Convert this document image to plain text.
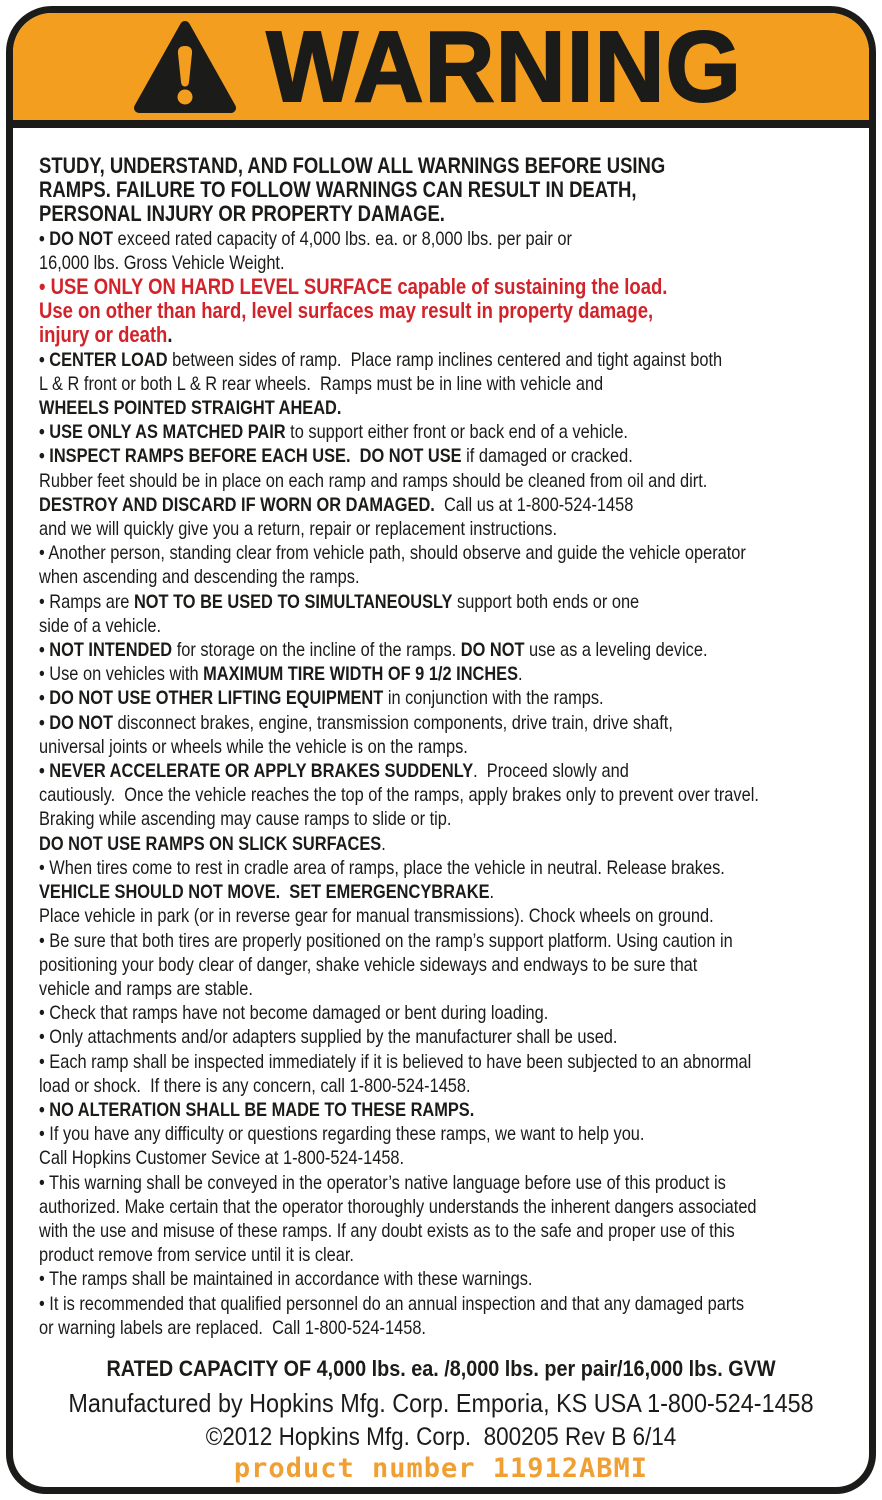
WARNING
STUDY, UNDERSTAND, AND FOLLOW ALL WARNINGS BEFORE USING
RAMPS. FAILURE TO FOLLOW WARNINGS CAN RESULT IN DEATH,
PERSONAL INJURY OR PROPERTY DAMAGE.
• DO NOT exceed rated capacity of 4,000 lbs. ea. or 8,000 lbs. per pair or
16,000 lbs. Gross Vehicle Weight.
• USE ONLY ON HARD LEVEL SURFACE capable of sustaining the load.
Use on other than hard, level surfaces may result in property damage,
injury or death.
• CENTER LOAD between sides of ramp.  Place ramp inclines centered and tight against both
L & R front or both L & R rear wheels.  Ramps must be in line with vehicle and
WHEELS POINTED STRAIGHT AHEAD.
• USE ONLY AS MATCHED PAIR to support either front or back end of a vehicle.
• INSPECT RAMPS BEFORE EACH USE.  DO NOT USE if damaged or cracked.
Rubber feet should be in place on each ramp and ramps should be cleaned from oil and dirt.
DESTROY AND DISCARD IF WORN OR DAMAGED.  Call us at 1-800-524-1458
and we will quickly give you a return, repair or replacement instructions.
• Another person, standing clear from vehicle path, should observe and guide the vehicle operator
when ascending and descending the ramps.
• Ramps are NOT TO BE USED TO SIMULTANEOUSLY support both ends or one
side of a vehicle.
• NOT INTENDED for storage on the incline of the ramps. DO NOT use as a leveling device.
• Use on vehicles with MAXIMUM TIRE WIDTH OF 9 1/2 INCHES.
• DO NOT USE OTHER LIFTING EQUIPMENT in conjunction with the ramps.
• DO NOT disconnect brakes, engine, transmission components, drive train, drive shaft,
universal joints or wheels while the vehicle is on the ramps.
• NEVER ACCELERATE OR APPLY BRAKES SUDDENLY.  Proceed slowly and
cautiously.  Once the vehicle reaches the top of the ramps, apply brakes only to prevent over travel.
Braking while ascending may cause ramps to slide or tip.
DO NOT USE RAMPS ON SLICK SURFACES.
• When tires come to rest in cradle area of ramps, place the vehicle in neutral. Release brakes.
VEHICLE SHOULD NOT MOVE.  SET EMERGENCYBRAKE.
Place vehicle in park (or in reverse gear for manual transmissions). Chock wheels on ground.
• Be sure that both tires are properly positioned on the ramp’s support platform. Using caution in
positioning your body clear of danger, shake vehicle sideways and endways to be sure that
vehicle and ramps are stable.
• Check that ramps have not become damaged or bent during loading.
• Only attachments and/or adapters supplied by the manufacturer shall be used.
• Each ramp shall be inspected immediately if it is believed to have been subjected to an abnormal
load or shock.  If there is any concern, call 1-800-524-1458.
• NO ALTERATION SHALL BE MADE TO THESE RAMPS.
• If you have any difficulty or questions regarding these ramps, we want to help you.
Call Hopkins Customer Sevice at 1-800-524-1458.
• This warning shall be conveyed in the operator’s native language before use of this product is
authorized. Make certain that the operator thoroughly understands the inherent dangers associated
with the use and misuse of these ramps. If any doubt exists as to the safe and proper use of this
product remove from service until it is clear.
• The ramps shall be maintained in accordance with these warnings.
• It is recommended that qualified personnel do an annual inspection and that any damaged parts
or warning labels are replaced.  Call 1-800-524-1458.
RATED CAPACITY OF 4,000 lbs. ea. /8,000 lbs. per pair/16,000 lbs. GVW
Manufactured by Hopkins Mfg. Corp. Emporia, KS USA 1-800-524-1458
©2012 Hopkins Mfg. Corp.  800205 Rev B 6/14
product number 11912ABMI
